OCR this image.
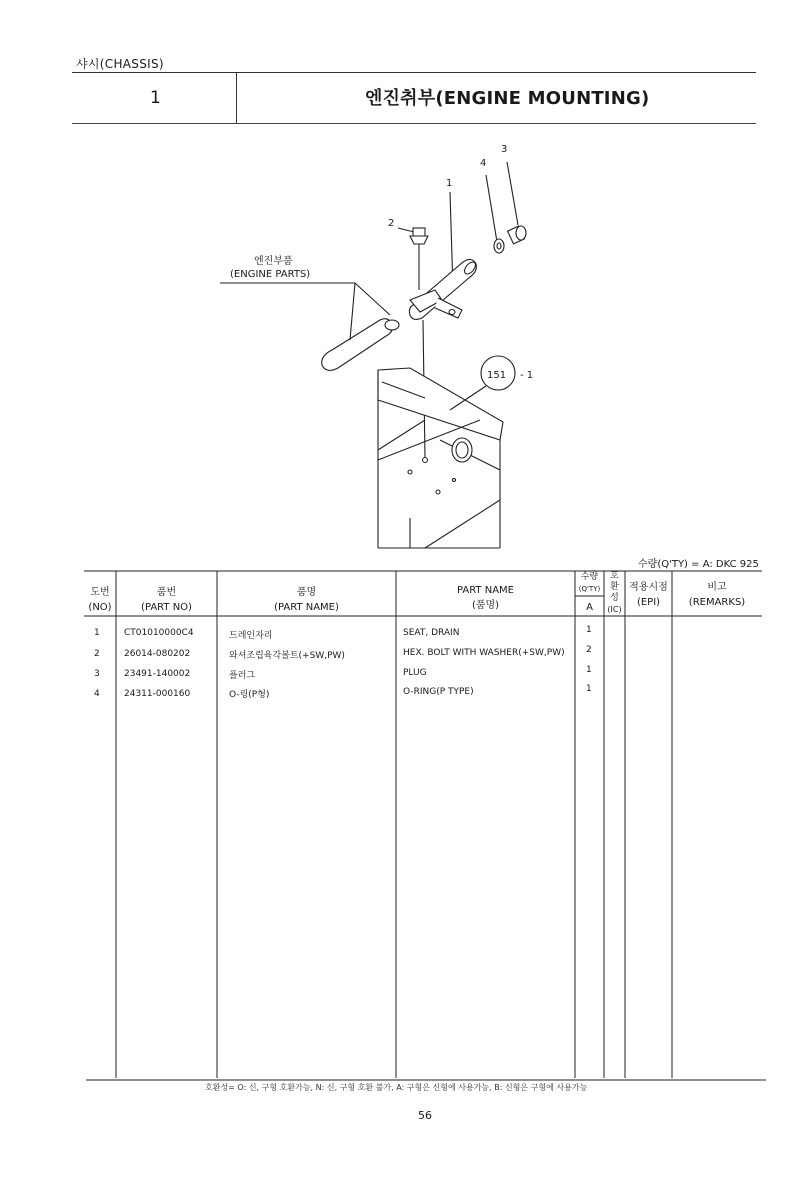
샤시(CHASSIS)
1	엔진취부(ENGINE MOUNTING)
1
2
3
4
엔진부품
(ENGINE PARTS)
151 - 1
수량(Q'TY) = A: DKC 925
도번
(NO)
품번
(PART NO)
품명
(PART NAME)
PART NAME
(품명)
수량
(Q'TY)
A
호
환
성
(IC)
적용시점
(EPI)
비고
(REMARKS)
1	CT01010000C4	드레인자리	SEAT, DRAIN	1
2	26014-080202	와셔조립육각볼트(+SW,PW)	HEX. BOLT WITH WASHER(+SW,PW) 2
3	23491-140002	플러그	PLUG	1
4	24311-000160	O-링(P형)	O-RING(P TYPE)	1
호환성= O: 신, 구형 호환가능, N: 신, 구형 호환 불가, A: 구형은 신형에 사용가능, B: 신형은 구형에 사용가능
56
